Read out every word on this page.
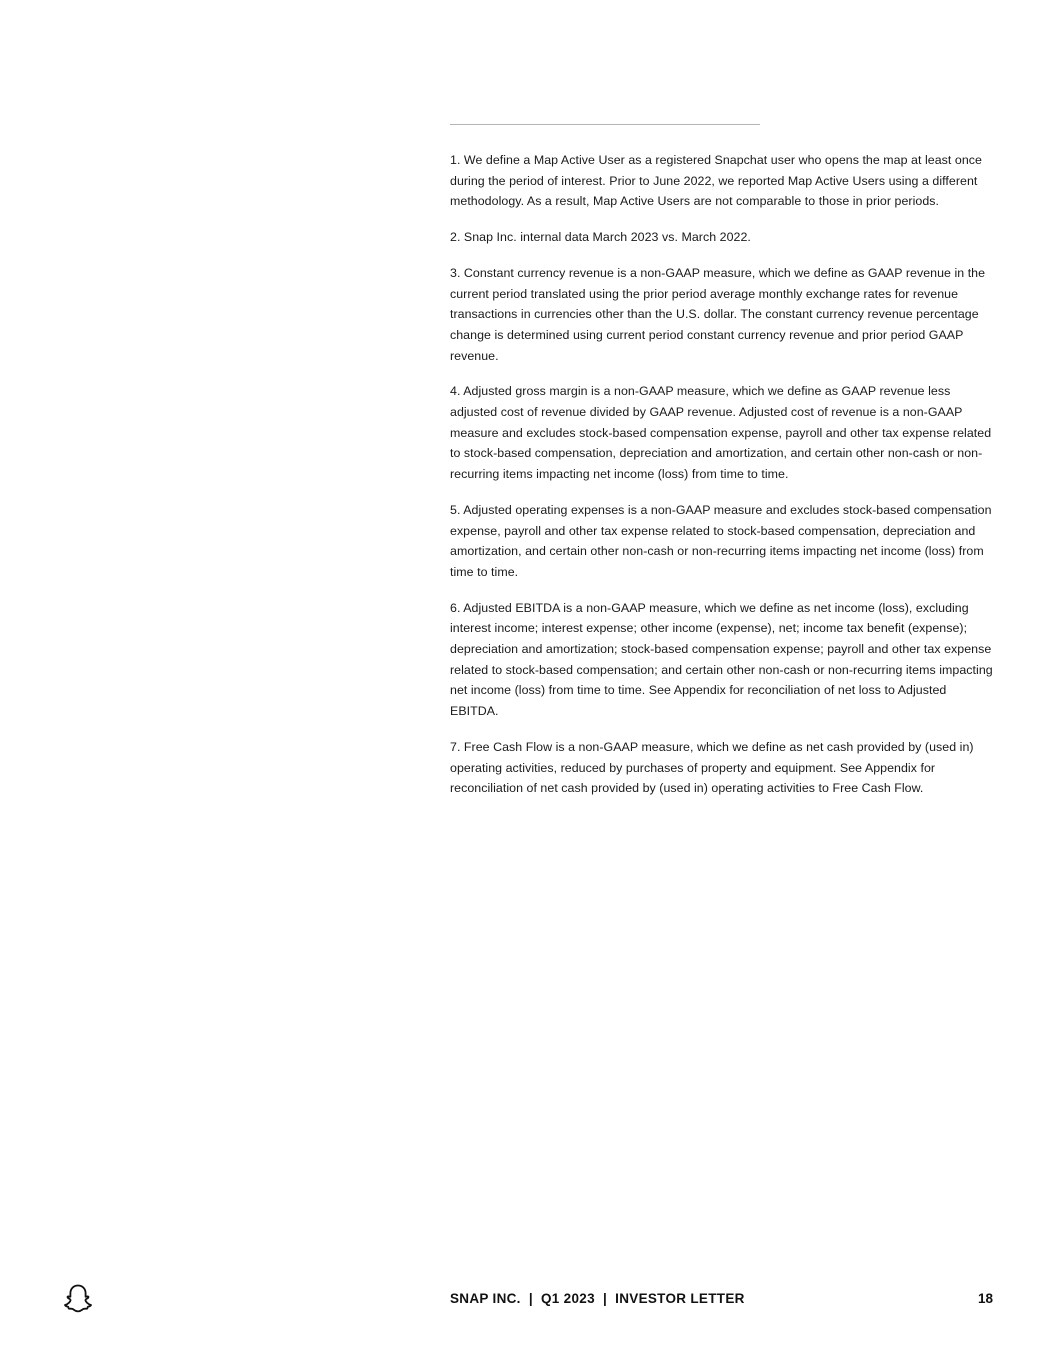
1. We define a Map Active User as a registered Snapchat user who opens the map at least once during the period of interest. Prior to June 2022, we reported Map Active Users using a different methodology. As a result, Map Active Users are not comparable to those in prior periods.
2. Snap Inc. internal data March 2023 vs. March 2022.
3. Constant currency revenue is a non-GAAP measure, which we define as GAAP revenue in the current period translated using the prior period average monthly exchange rates for revenue transactions in currencies other than the U.S. dollar. The constant currency revenue percentage change is determined using current period constant currency revenue and prior period GAAP revenue.
4. Adjusted gross margin is a non-GAAP measure, which we define as GAAP revenue less adjusted cost of revenue divided by GAAP revenue. Adjusted cost of revenue is a non-GAAP measure and excludes stock-based compensation expense, payroll and other tax expense related to stock-based compensation, depreciation and amortization, and certain other non-cash or non-recurring items impacting net income (loss) from time to time.
5. Adjusted operating expenses is a non-GAAP measure and excludes stock-based compensation expense, payroll and other tax expense related to stock-based compensation, depreciation and amortization, and certain other non-cash or non-recurring items impacting net income (loss) from time to time.
6. Adjusted EBITDA is a non-GAAP measure, which we define as net income (loss), excluding interest income; interest expense; other income (expense), net; income tax benefit (expense); depreciation and amortization; stock-based compensation expense; payroll and other tax expense related to stock-based compensation; and certain other non-cash or non-recurring items impacting net income (loss) from time to time. See Appendix for reconciliation of net loss to Adjusted EBITDA.
7. Free Cash Flow is a non-GAAP measure, which we define as net cash provided by (used in) operating activities, reduced by purchases of property and equipment. See Appendix for reconciliation of net cash provided by (used in) operating activities to Free Cash Flow.
SNAP INC.  |  Q1 2023  |  INVESTOR LETTER	18
